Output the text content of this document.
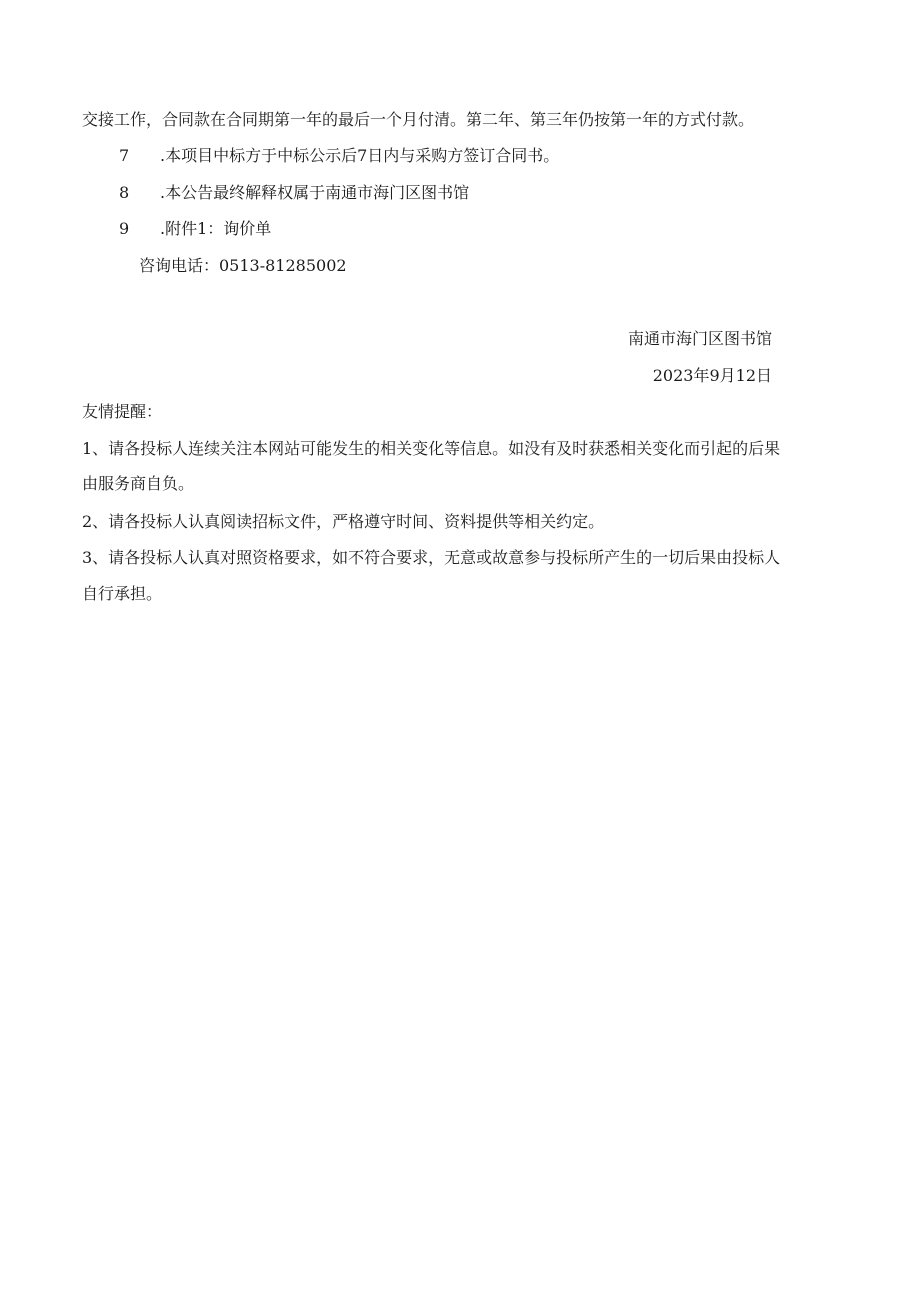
交接工作，合同款在合同期第一年的最后一个月付清。第二年、第三年仍按第一年的方式付款。
7 .本项目中标方于中标公示后7日内与采购方签订合同书。
8 .本公告最终解释权属于南通市海门区图书馆
9 .附件1：询价单
咨询电话：0513-81285002
南通市海门区图书馆
2023年9月12日
友情提醒：
1、请各投标人连续关注本网站可能发生的相关变化等信息。如没有及时获悉相关变化而引起的后果
由服务商自负。
2、请各投标人认真阅读招标文件，严格遵守时间、资料提供等相关约定。
3、请各投标人认真对照资格要求，如不符合要求，无意或故意参与投标所产生的一切后果由投标人
自行承担。
